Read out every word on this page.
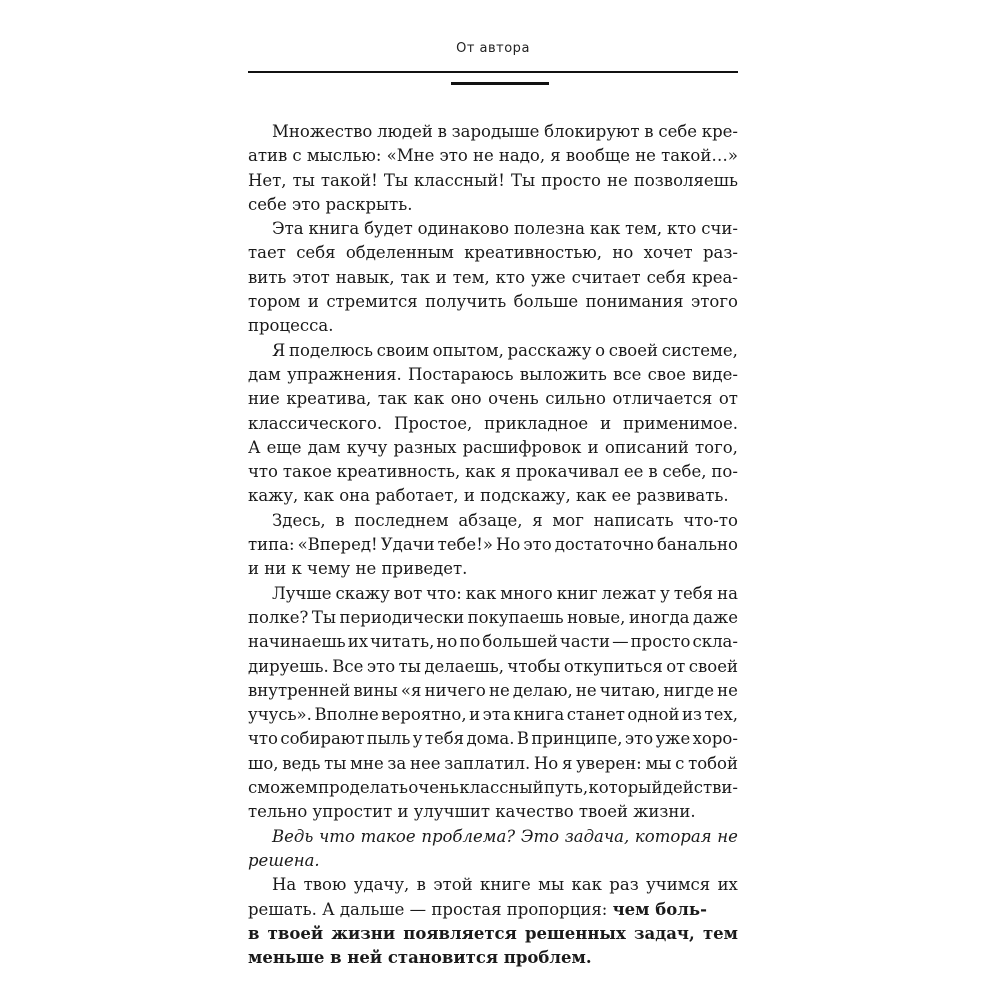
От автора
Множество людей в зародыше блокируют в себе кре-
атив с мыслью: «Мне это не надо, я вообще не такой…»
Нет, ты такой! Ты классный! Ты просто не позволяешь
себе это раскрыть.
Эта книга будет одинаково полезна как тем, кто счи-
тает себя обделенным креативностью, но хочет раз-
вить этот навык, так и тем, кто уже считает себя креа-
тором и стремится получить больше понимания этого
процесса.
Я поделюсь своим опытом, расскажу о своей системе,
дам упражнения. Постараюсь выложить все свое виде-
ние креатива, так как оно очень сильно отличается от
классического. Простое, прикладное и применимое.
А еще дам кучу разных расшифровок и описаний того,
что такое креативность, как я прокачивал ее в себе, по-
кажу, как она работает, и подскажу, как ее развивать.
Здесь, в последнем абзаце, я мог написать что-то
типа: «Вперед! Удачи тебе!» Но это достаточно банально
и ни к чему не приведет.
Лучше скажу вот что: как много книг лежат у тебя на
полке? Ты периодически покупаешь новые, иногда даже
начинаешь их читать, но по большей части — просто скла-
дируешь. Все это ты делаешь, чтобы откупиться от своей
внутренней вины «я ничего не делаю, не читаю, нигде не
учусь». Вполне вероятно, и эта книга станет одной из тех,
что собирают пыль у тебя дома. В принципе, это уже хоро-
шо, ведь ты мне за нее заплатил. Но я уверен: мы с тобой
сможем проделать очень классный путь, который действи-
тельно упростит и улучшит качество твоей жизни.
Ведь что такое проблема? Это задача, которая не
решена.
На твою удачу, в этой книге мы как раз учимся их
решать. А дальше — простая пропорция: чем боль-
в твоей жизни появляется решенных задач, тем
меньше в ней становится проблем.
